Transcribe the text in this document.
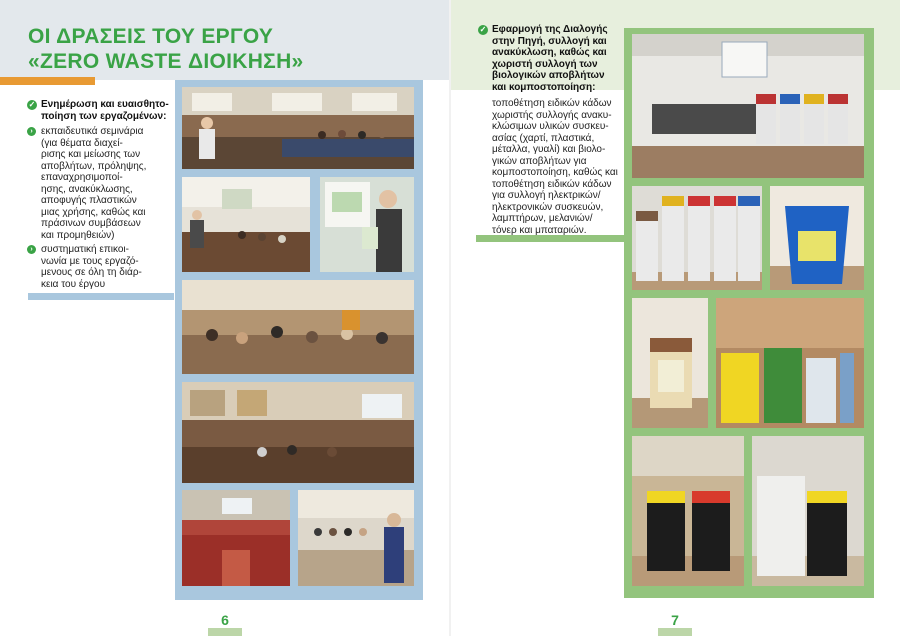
ΟΙ ΔΡΑΣΕΙΣ ΤΟΥ ΕΡΓΟΥ
«ZERO WASTE ΔΙΟΙΚΗΣΗ»
✓ Ενημέρωση και ευαισθητο-
ποίηση των εργαζομένων:
› εκπαιδευτικά σεμινάρια
(για θέματα διαχεί-
ρισης και μείωσης των
αποβλήτων, πρόληψης,
επαναχρησιμοποί-
ησης, ανακύκλωσης,
αποφυγής πλαστικών
μιας χρήσης, καθώς και
πράσινων συμβάσεων
και προμηθειών)
› συστηματική επικοι-
νωνία με τους εργαζό-
μενους σε όλη τη διάρ-
κεια του έργου
6
✓ Εφαρμογή της Διαλογής
στην Πηγή, συλλογή και
ανακύκλωση, καθώς και
χωριστή συλλογή των
βιολογικών αποβλήτων
και κομποστοποίηση:
τοποθέτηση ειδικών κάδων
χωριστής συλλογής ανακυ-
κλώσιμων υλικών συσκευ-
ασίας (χαρτί, πλαστικά,
μέταλλα, γυαλί) και βιολο-
γικών αποβλήτων για
κομποστοποίηση, καθώς και
τοποθέτηση ειδικών κάδων
για συλλογή ηλεκτρικών/
ηλεκτρονικών συσκευών,
λαμπτήρων, μελανιών/
τόνερ και μπαταριών.
7
